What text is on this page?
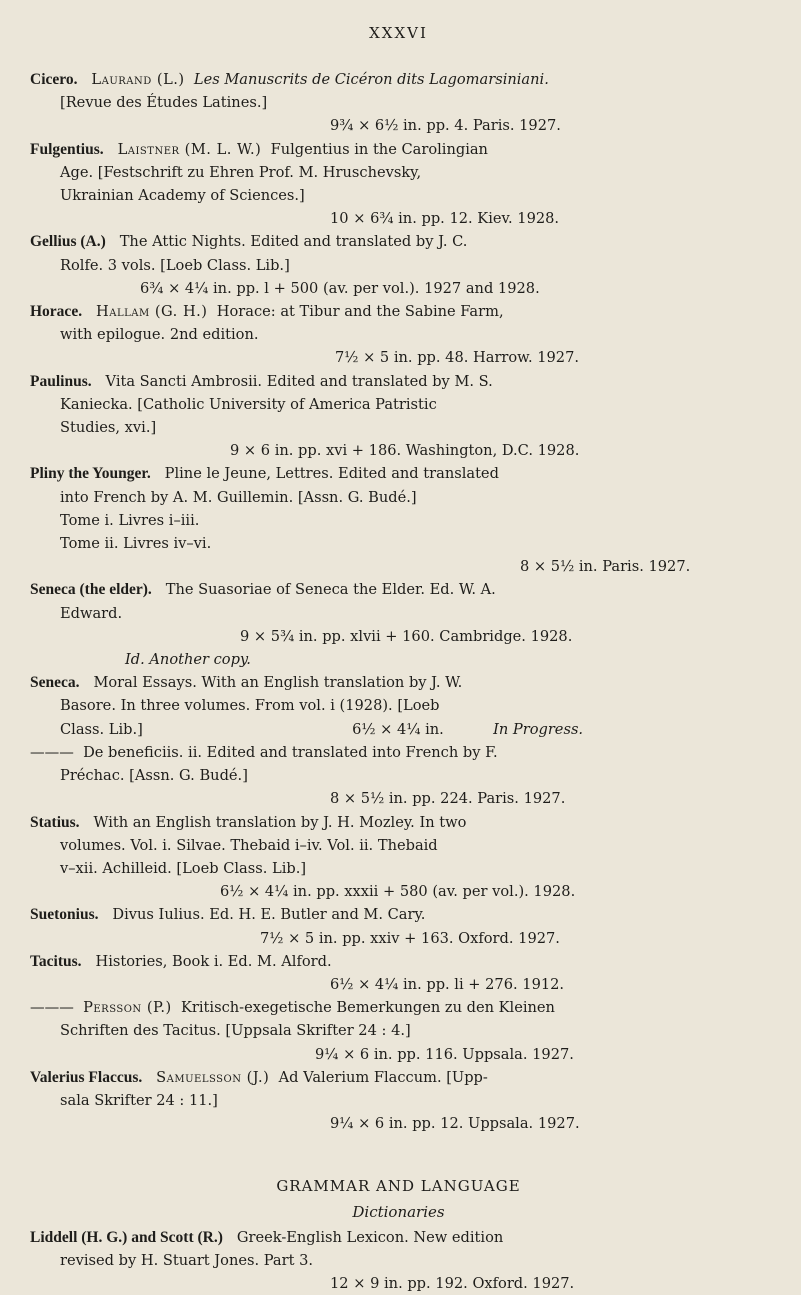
XXXVI
Cicero. Laurand (L.) Les Manuscrits de Cicéron dits Lagomarsiniani.
[Revue des Études Latines.]
9¾ × 6½ in. pp. 4. Paris. 1927.
Fulgentius. Laistner (M. L. W.) Fulgentius in the Carolingian
Age. [Festschrift zu Ehren Prof. M. Hruschevsky,
Ukrainian Academy of Sciences.]
10 × 6¾ in. pp. 12. Kiev. 1928.
Gellius (A.) The Attic Nights. Edited and translated by J. C.
Rolfe. 3 vols. [Loeb Class. Lib.]
6¾ × 4¼ in. pp. l + 500 (av. per vol.). 1927 and 1928.
Horace. Hallam (G. H.) Horace: at Tibur and the Sabine Farm,
with epilogue. 2nd edition.
7½ × 5 in. pp. 48. Harrow. 1927.
Paulinus. Vita Sancti Ambrosii. Edited and translated by M. S.
Kaniecka. [Catholic University of America Patristic
Studies, xvi.]
9 × 6 in. pp. xvi + 186. Washington, D.C. 1928.
Pliny the Younger. Pline le Jeune, Lettres. Edited and translated
into French by A. M. Guillemin. [Assn. G. Budé.]
Tome i. Livres i–iii.
Tome ii. Livres iv–vi.
8 × 5½ in. Paris. 1927.
Seneca (the elder). The Suasoriae of Seneca the Elder. Ed. W. A.
Edward.
9 × 5¾ in. pp. xlvii + 160. Cambridge. 1928.
Id. Another copy.
Seneca. Moral Essays. With an English translation by J. W.
Basore. In three volumes. From vol. i (1928). [Loeb
Class. Lib.]	6½ × 4¼ in.	In Progress.
——— De beneficiis. ii. Edited and translated into French by F.
Préchac. [Assn. G. Budé.]
8 × 5½ in. pp. 224. Paris. 1927.
Statius. With an English translation by J. H. Mozley. In two
volumes. Vol. i. Silvae. Thebaid i–iv. Vol. ii. Thebaid
v–xii. Achilleid. [Loeb Class. Lib.]
6½ × 4¼ in. pp. xxxii + 580 (av. per vol.). 1928.
Suetonius. Divus Iulius. Ed. H. E. Butler and M. Cary.
7½ × 5 in. pp. xxiv + 163. Oxford. 1927.
Tacitus. Histories, Book i. Ed. M. Alford.
6½ × 4¼ in. pp. li + 276. 1912.
——— Persson (P.) Kritisch-exegetische Bemerkungen zu den Kleinen
Schriften des Tacitus. [Uppsala Skrifter 24 : 4.]
9¼ × 6 in. pp. 116. Uppsala. 1927.
Valerius Flaccus. Samuelsson (J.) Ad Valerium Flaccum. [Upp-
sala Skrifter 24 : 11.]
9¼ × 6 in. pp. 12. Uppsala. 1927.
GRAMMAR AND LANGUAGE
Dictionaries
Liddell (H. G.) and Scott (R.) Greek-English Lexicon. New edition
revised by H. Stuart Jones. Part 3.
12 × 9 in. pp. 192. Oxford. 1927.
